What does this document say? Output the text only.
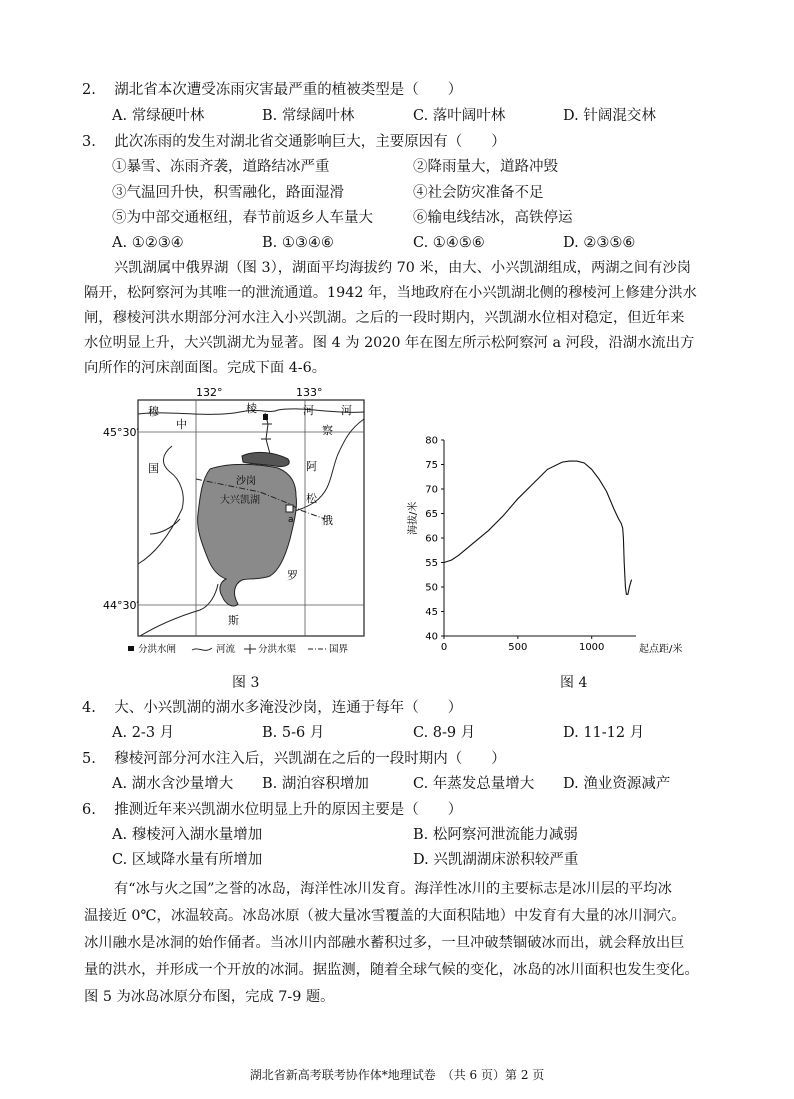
2. 湖北省本次遭受冻雨灾害最严重的植被类型是（　　）
A. 常绿硬叶林	B. 常绿阔叶林	C. 落叶阔叶林	D. 针阔混交林
3. 此次冻雨的发生对湖北省交通影响巨大，主要原因有（　　）
①暴雪、冻雨齐袭，道路结冰严重	②降雨量大，道路冲毁
③气温回升快，积雪融化，路面湿滑	④社会防灾准备不足
⑤为中部交通枢纽，春节前返乡人车量大	⑥输电线结冰，高铁停运
A. ①②③④	B. ①③④⑥	C. ①④⑤⑥	D. ②③⑤⑥
兴凯湖属中俄界湖（图 3），湖面平均海拔约 70 米，由大、小兴凯湖组成，两湖之间有沙岗
隔开，松阿察河为其唯一的泄流通道。1942 年，当地政府在小兴凯湖北侧的穆棱河上修建分洪水
闸，穆棱河洪水期部分河水注入小兴凯湖。之后的一段时期内，兴凯湖水位相对稳定，但近年来
水位明显上升，大兴凯湖尤为显著。图 4 为 2020 年在图左所示松阿察河 a 河段，沿湖水流出方
向所作的河床剖面图。完成下面 4-6。
132°	133°
45°30′
44°30′
a
穆
中
棱	河 河
察
国
沙岗
大兴凯湖
阿
松
俄
罗
斯
分洪水闸	河流 分洪水渠	国界
图 3
40
45
50
55
60
65
70
75
80
0	500	1000
海拔/米
起点距/米
图 4
4. 大、小兴凯湖的湖水多淹没沙岗，连通于每年（　　）
A. 2-3 月	B. 5-6 月	C. 8-9 月	D. 11-12 月
5. 穆棱河部分河水注入后，兴凯湖在之后的一段时期内（　　）
A. 湖水含沙量增大 B. 湖泊容积增加	C. 年蒸发总量增大 D. 渔业资源减产
6. 推测近年来兴凯湖水位明显上升的原因主要是（　　）
A. 穆棱河入湖水量增加	B. 松阿察河泄流能力减弱
C. 区域降水量有所增加	D. 兴凯湖湖床淤积较严重
有“冰与火之国”之誉的冰岛，海洋性冰川发育。海洋性冰川的主要标志是冰川层的平均冰
温接近 0℃，冰温较高。冰岛冰原（被大量冰雪覆盖的大面积陆地）中发育有大量的冰川洞穴。
冰川融水是冰洞的始作俑者。当冰川内部融水蓄积过多，一旦冲破禁锢破冰而出，就会释放出巨
量的洪水，并形成一个开放的冰洞。据监测，随着全球气候的变化，冰岛的冰川面积也发生变化。
图 5 为冰岛冰原分布图，完成 7-9 题。
湖北省新高考联考协作体*地理试卷　（共 6 页）第 2 页
